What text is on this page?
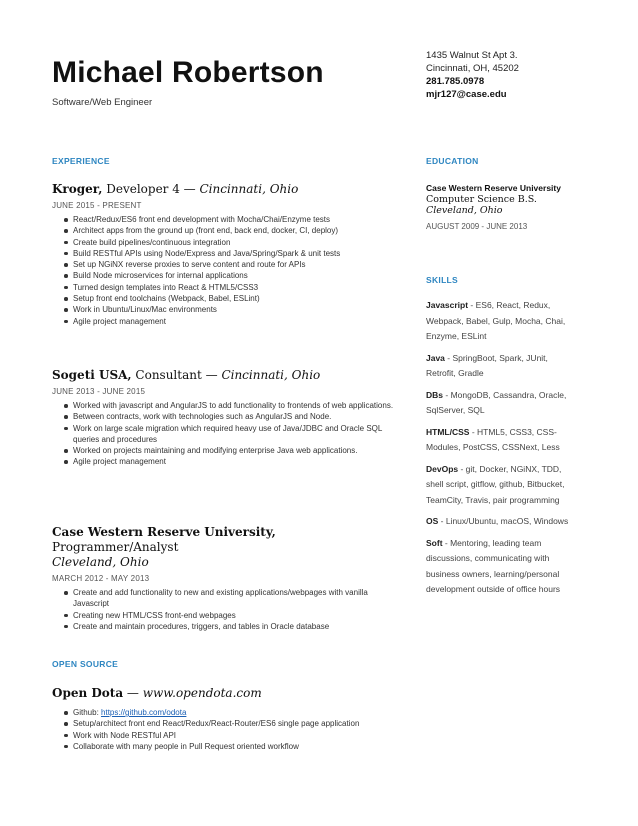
Michael Robertson
Software/Web Engineer
1435 Walnut St Apt 3.
Cincinnati, OH, 45202
281.785.0978
mjr127@case.edu
EXPERIENCE	EDUCATION
SKILLS
OPEN SOURCE
Kroger, Developer 4 — Cincinnati, Ohio
JUNE 2015 - PRESENT
React/Redux/ES6 front end development with Mocha/Chai/Enzyme tests
Architect apps from the ground up (front end, back end, docker, CI, deploy)
Create build pipelines/continuous integration
Build RESTful APIs using Node/Express and Java/Spring/Spark & unit tests
Set up NGiNX reverse proxies to serve content and route for APIs
Build Node microservices for internal applications
Turned design templates into React & HTML5/CSS3
Setup front end toolchains (Webpack, Babel, ESLint)
Work in Ubuntu/Linux/Mac environments
Agile project management
Sogeti USA, Consultant — Cincinnati, Ohio
JUNE 2013 - JUNE 2015
Worked with javascript and AngularJS to add functionality to frontends of web applications.
Between contracts, work with technologies such as AngularJS and Node.
Work on large scale migration which required heavy use of Java/JDBC and Oracle SQL queries and procedures
Worked on projects maintaining and modifying enterprise Java web applications.
Agile project management
Case Western Reserve University, Programmer/Analyst
Cleveland, Ohio
MARCH 2012 - MAY 2013
Create and add functionality to new and existing applications/webpages with vanilla Javascript
Creating new HTML/CSS front-end webpages
Create and maintain procedures, triggers, and tables in Oracle database
Open Dota — www.opendota.com
Github: https://github.com/odota
Setup/architect front end React/Redux/React-Router/ES6 single page application
Work with Node RESTful API
Collaborate with many people in Pull Request oriented workflow
Case Western Reserve University
Computer Science B.S.
Cleveland, Ohio
AUGUST 2009 - JUNE 2013
Javascript - ES6, React, Redux, Webpack, Babel, Gulp, Mocha, Chai, Enzyme, ESLint
Java - SpringBoot, Spark, JUnit, Retrofit, Gradle
DBs - MongoDB, Cassandra, Oracle, SqlServer, SQL
HTML/CSS - HTML5, CSS3, CSS-Modules, PostCSS, CSSNext, Less
DevOps - git, Docker, NGiNX, TDD, shell script, gitflow, github, Bitbucket, TeamCity, Travis, pair programming
OS - Linux/Ubuntu, macOS, Windows
Soft - Mentoring, leading team discussions, communicating with business owners, learning/personal development outside of office hours
